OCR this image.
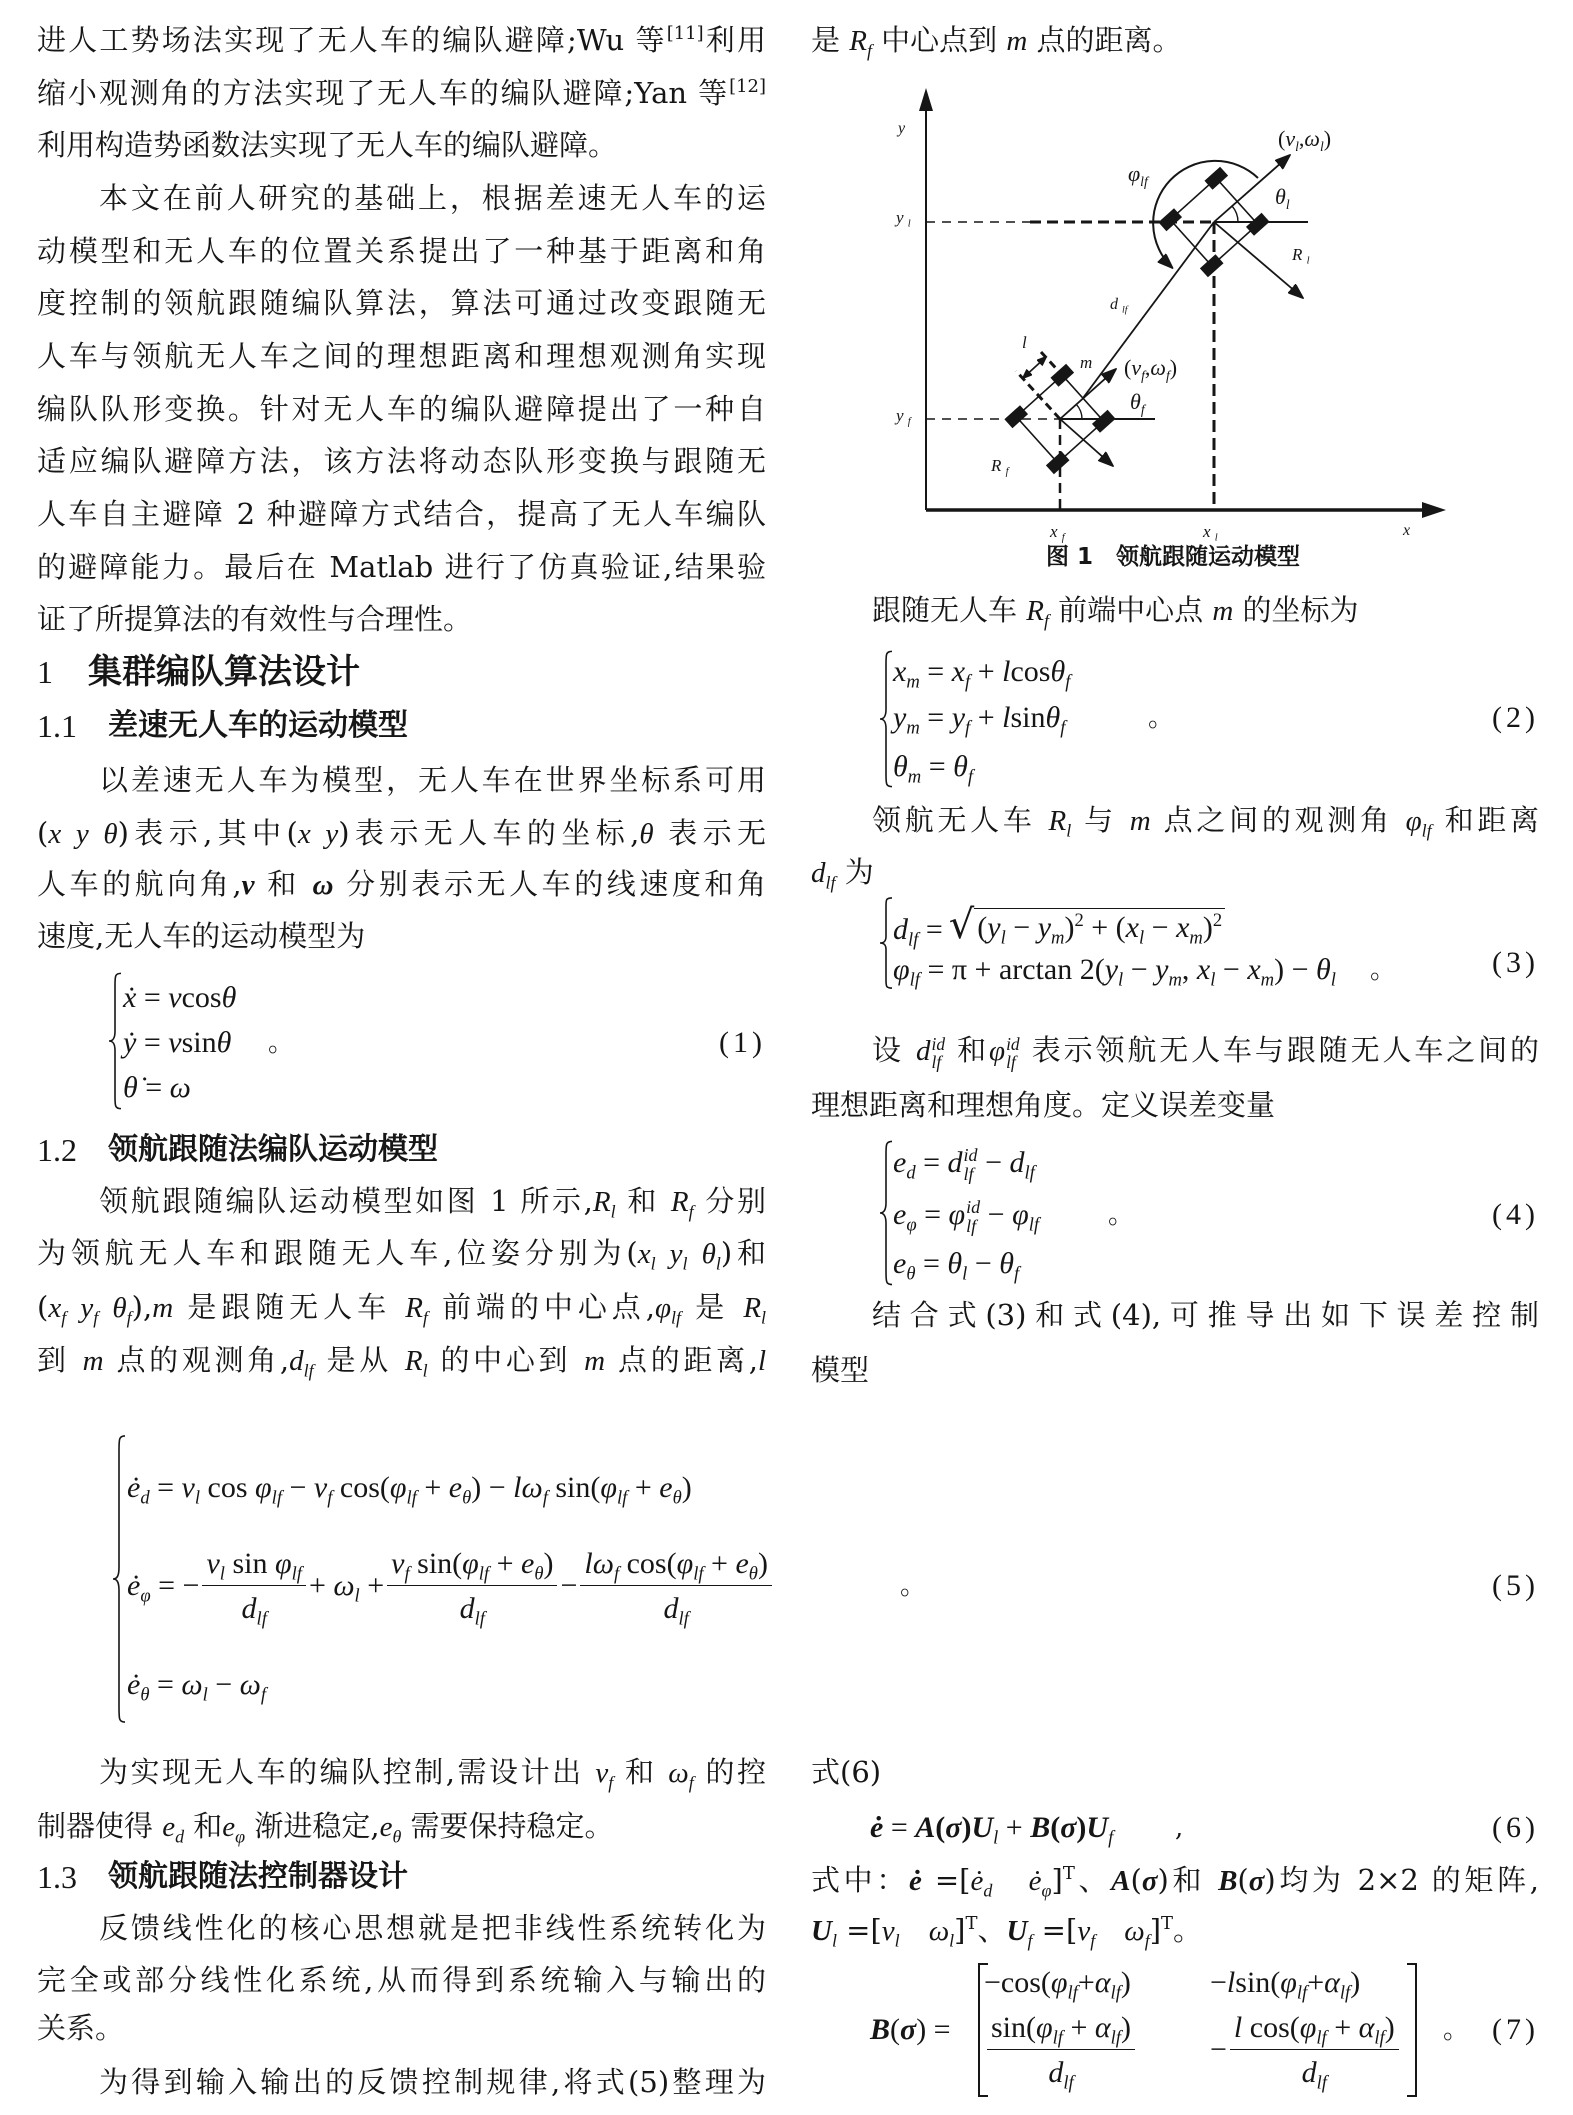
进人工势场法实现了无人车的编队避障;Wu 等[11]利用
缩小观测角的方法实现了无人车的编队避障;Yan 等[12]
利用构造势函数法实现了无人车的编队避障。
本文在前人研究的基础上，根据差速无人车的运
动模型和无人车的位置关系提出了一种基于距离和角
度控制的领航跟随编队算法，算法可通过改变跟随无
人车与领航无人车之间的理想距离和理想观测角实现
编队队形变换。针对无人车的编队避障提出了一种自
适应编队避障方法，该方法将动态队形变换与跟随无
人车自主避障 2 种避障方式结合，提高了无人车编队
的避障能力。最后在 Matlab 进行了仿真验证,结果验
证了所提算法的有效性与合理性。
1 集群编队算法设计
1.1 差速无人车的运动模型
以差速无人车为模型，无人车在世界坐标系可用
(x y θ)表示,其中(x y)表示无人车的坐标,θ 表示无
人车的航向角,ν 和 ω 分别表示无人车的线速度和角
速度,无人车的运动模型为
ẋ = vcosθ
ẏ = vsinθ
θ̇ = ω
。	(1)
1.2 领航跟随法编队运动模型
领航跟随编队运动模型如图 1 所示$,R_l$ 和 $R_f$ 分别
为领航无人车和跟随无人车,位姿分别为($x_l$ $y_l$ $\theta_l$)和
($x_f$ $y_f$ $\theta_f),m$ 是跟随无人车 $R_f$ 前端的中心点$,\varphi_{lf}$ 是 $R_l$
到 m 点的观测角$,d_{lf}$ 是从 $R_l$ 的中心到 m 点的距离,l
是 $R_f$ 中心点到 m 点的距离。
y
y $_l$
y $_f$
x $_f$	x $_l$	x
$\varphi_{lf}$
$(v_l,\omega_l)$
$\theta_l$
R $_l$
d $_{lf}$
l
m $(v_f,\omega_f)$
$\theta_f$
R $_f$
图 1　领航跟随运动模型
跟随无人车 $R_f$ 前端中心点 m 的坐标为
$x_m = x_f + lcos\theta_f$
$y_m = y_f + lsin\theta_f$
$\theta_m = \theta_f$
。	(2)
领航无人车 $R_l$ 与 m 点之间的观测角 $\varphi_{lf}$ 和距离
$d_{lf}$ 为
$d_{lf}$ = √ $(y_l - y_m)^2 + (x_l - x_m)^2$
$\varphi_{lf} = \pi + \arctan 2(y_l - y_m$, $x_l - x_m) - \theta_l$ 。	(3)
设 d id
lf 和φ id
lf 表示领航无人车与跟随无人车之间的
理想距离和理想角度。定义误差变量
$e_d = d$ id
lf − $d_{lf}$
$e_\varphi = \varphi$ id
lf − $\varphi_{lf}$
$e_\theta = \theta_l - \theta_f$
。	(4)
结合式(3)和式(4),可推导出如下误差控制
模型
$ė_d = v_l$ $\cos \varphi_{lf} - v_f$ $\cos(\varphi_{lf} + e_\theta) - l\omega_f$ $\sin(\varphi_{lf} + e_\theta)$
$ė_\varphi$ = − $\frac{v_l \sin \varphi_{lf}}{d_{lf}} + \omega_l + \frac{v_f \sin(\varphi_{lf} + e_\theta)}{d_{lf}} - \frac{l\omega_f \cos(\varphi_{lf} + e_\theta)}{d_{lf}}$
$ė_\theta = \omega_l - \omega_f$
。	(5)
为实现无人车的编队控制,需设计出 $v_f$ 和 $\omega_f$ 的控
制器使得 $e_d$ 和$e_\varphi$ 渐进稳定$,e_\theta$ 需要保持稳定。
1.3 领航跟随法控制器设计
反馈线性化的核心思想就是把非线性系统转化为
完全或部分线性化系统,从而得到系统输入与输出的
关系。
为得到输入输出的反馈控制规律,将式(5)整理为
式(6)
ė = $A(\sigma)U_l + B(\sigma)U_f$ ,	(6)
式中：ė $=[ė_d$　 $ė_\varphi]^T$、A(σ)和 B(σ)均为 2×2 的矩阵,
$U_l =[v_l$　 $\omega_l]^T$、$U_f =[v_f$　 $\omega_f]^T$。
B(σ) =
−cos( $\varphi_{lf} + \alpha_{lf}$ )	− l sin( $\varphi_{lf} + \alpha_{lf}$ )
$\frac{\sin(\varphi_{lf} + \alpha_{lf})}{d_{lf}}$	− $\frac{l \cos(\varphi_{lf} + \alpha_{lf})}{d_{lf}}$ 。 (7)
